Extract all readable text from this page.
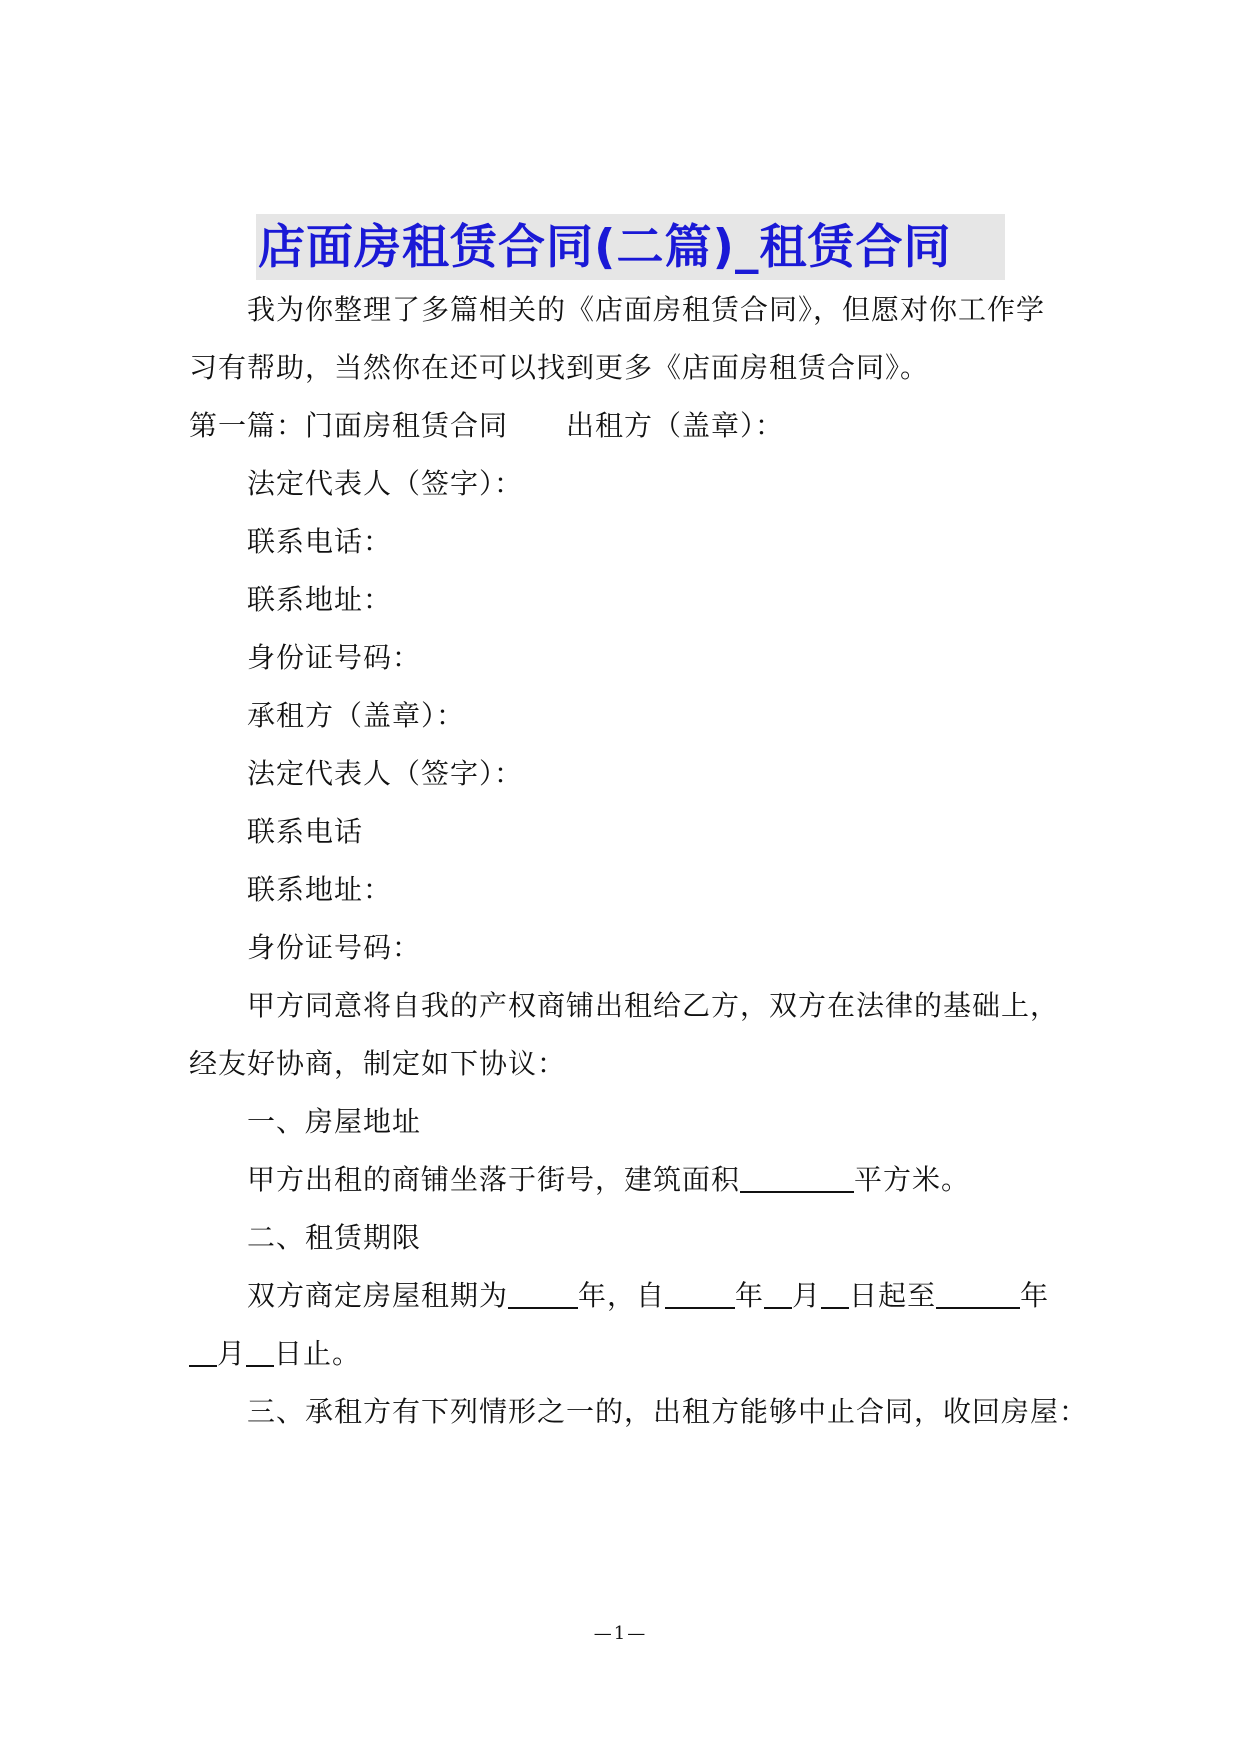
店面房租赁合同(二篇)_租赁合同

我为你整理了多篇相关的《店面房租赁合同》，但愿对你工作学

习有帮助，当然你在还可以找到更多《店面房租赁合同》。

第一篇：门面房租赁合同 出租方（盖章）：

法定代表人（签字）：

联系电话：

联系地址：

身份证号码：

承租方（盖章）：

法定代表人（签字）：

联系电话

联系地址：

身份证号码：

甲方同意将自我的产权商铺出租给乙方，双方在法律的基础上，

经友好协商，制定如下协议：

一、房屋地址

甲方出租的商铺坐落于街号，建筑面积	平方米。

二、租赁期限

双方商定房屋租期为	年，自	年 月 日起至	年

月 日止。

三、承租方有下列情形之一的，出租方能够中止合同，收回房屋：

—1—
